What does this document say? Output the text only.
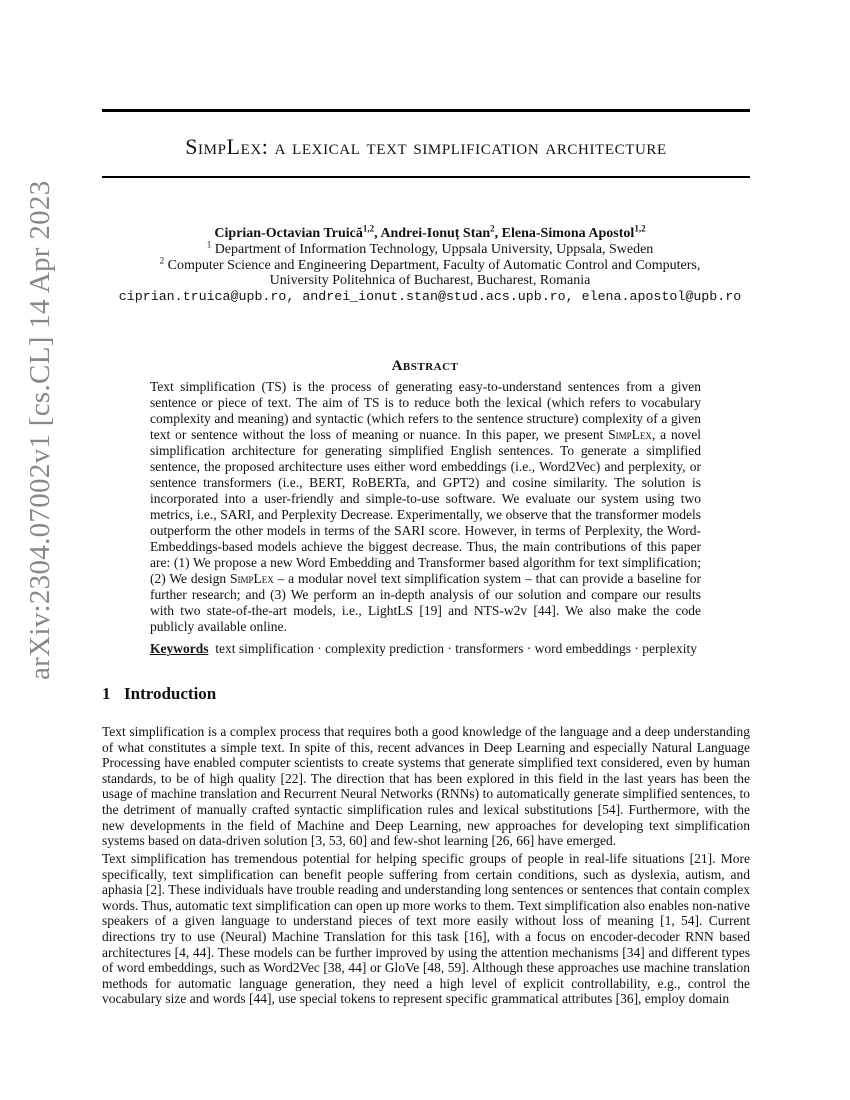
arXiv:2304.07002v1 [cs.CL] 14 Apr 2023
SimpLex: a lexical text simplification architecture
Ciprian-Octavian Truică$^{1,2}$, Andrei-Ionuț Stan$^2$, Elena-Simona Apostol$^{1,2}$
$^1$ Department of Information Technology, Uppsala University, Uppsala, Sweden
$^2$ Computer Science and Engineering Department, Faculty of Automatic Control and Computers,
University Politehnica of Bucharest, Bucharest, Romania
ciprian.truica@upb.ro, andrei_ionut.stan@stud.acs.upb.ro, elena.apostol@upb.ro
Abstract

Text simplification (TS) is the process of generating easy-to-understand sentences from a given sentence or piece of text. The aim of TS is to reduce both the lexical (which refers to vocabulary complexity and meaning) and syntactic (which refers to the sentence structure) complexity of a given text or sentence without the loss of meaning or nuance. In this paper, we present SimpLex, a novel simplification architecture for generating simplified English sentences. To generate a simplified sentence, the proposed architecture uses either word embeddings (i.e., Word2Vec) and perplexity, or sentence transformers (i.e., BERT, RoBERTa, and GPT2) and cosine similarity. The solution is incorporated into a user-friendly and simple-to-use software. We evaluate our system using two metrics, i.e., SARI, and Perplexity Decrease. Experimentally, we observe that the transformer models outperform the other models in terms of the SARI score. However, in terms of Perplexity, the Word-Embeddings-based models achieve the biggest decrease. Thus, the main contributions of this paper are: (1) We propose a new Word Embedding and Transformer based algorithm for text simplification; (2) We design SimpLex – a modular novel text simplification system – that can provide a baseline for further research; and (3) We perform an in-depth analysis of our solution and compare our results with two state-of-the-art models, i.e., LightLS [19] and NTS-w2v [44]. We also make the code publicly available online.

Keywords text simplification · complexity prediction · transformers · word embeddings · perplexity
1 Introduction

Text simplification is a complex process that requires both a good knowledge of the language and a deep understanding of what constitutes a simple text. In spite of this, recent advances in Deep Learning and especially Natural Language Processing have enabled computer scientists to create systems that generate simplified text considered, even by human standards, to be of high quality [22]. The direction that has been explored in this field in the last years has been the usage of machine translation and Recurrent Neural Networks (RNNs) to automatically generate simplified sentences, to the detriment of manually crafted syntactic simplification rules and lexical substitutions [54]. Furthermore, with the new developments in the field of Machine and Deep Learning, new approaches for developing text simplification systems based on data-driven solution [3, 53, 60] and few-shot learning [26, 66] have emerged.

Text simplification has tremendous potential for helping specific groups of people in real-life situations [21]. More specifically, text simplification can benefit people suffering from certain conditions, such as dyslexia, autism, and aphasia [2]. These individuals have trouble reading and understanding long sentences or sentences that contain complex words. Thus, automatic text simplification can open up more works to them. Text simplification also enables non-native speakers of a given language to understand pieces of text more easily without loss of meaning [1, 54]. Current directions try to use (Neural) Machine Translation for this task [16], with a focus on encoder-decoder RNN based architectures [4, 44]. These models can be further improved by using the attention mechanisms [34] and different types of word embeddings, such as Word2Vec [38, 44] or GloVe [48, 59]. Although these approaches use machine translation methods for automatic language generation, they need a high level of explicit controllability, e.g., control the vocabulary size and words [44], use special tokens to represent specific grammatical attributes [36], employ domain
